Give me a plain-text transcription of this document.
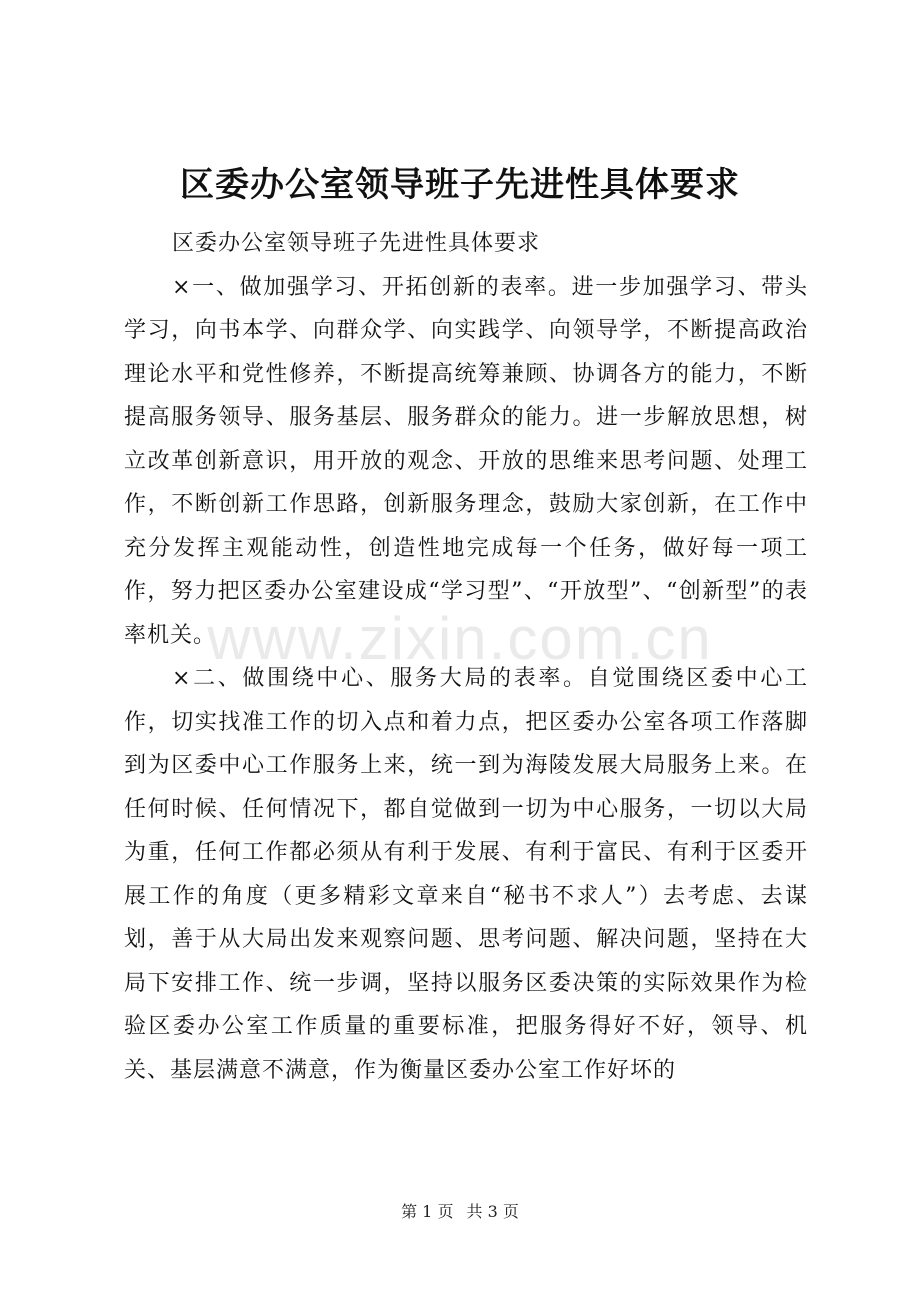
区委办公室领导班子先进性具体要求

区委办公室领导班子先进性具体要求

×一、做加强学习、开拓创新的表率。进一步加强学习、带头学习，向书本学、向群众学、向实践学、向领导学，不断提高政治理论水平和党性修养，不断提高统筹兼顾、协调各方的能力，不断提高服务领导、服务基层、服务群众的能力。进一步解放思想，树立改革创新意识，用开放的观念、开放的思维来思考问题、处理工作，不断创新工作思路，创新服务理念，鼓励大家创新，在工作中充分发挥主观能动性，创造性地完成每一个任务，做好每一项工作，努力把区委办公室建设成“学习型”、“开放型”、“创新型”的表率机关。

×二、做围绕中心、服务大局的表率。自觉围绕区委中心工作，切实找准工作的切入点和着力点，把区委办公室各项工作落脚到为区委中心工作服务上来，统一到为海陵发展大局服务上来。在任何时候、任何情况下，都自觉做到一切为中心服务，一切以大局为重，任何工作都必须从有利于发展、有利于富民、有利于区委开展工作的角度（更多精彩文章来自“秘书不求人”）去考虑、去谋划，善于从大局出发来观察问题、思考问题、解决问题，坚持在大局下安排工作、统一步调，坚持以服务区委决策的实际效果作为检验区委办公室工作质量的重要标准，把服务得好不好，领导、机关、基层满意不满意，作为衡量区委办公室工作好坏的

www.zixin.com.cn
第 1 页 共 3 页
